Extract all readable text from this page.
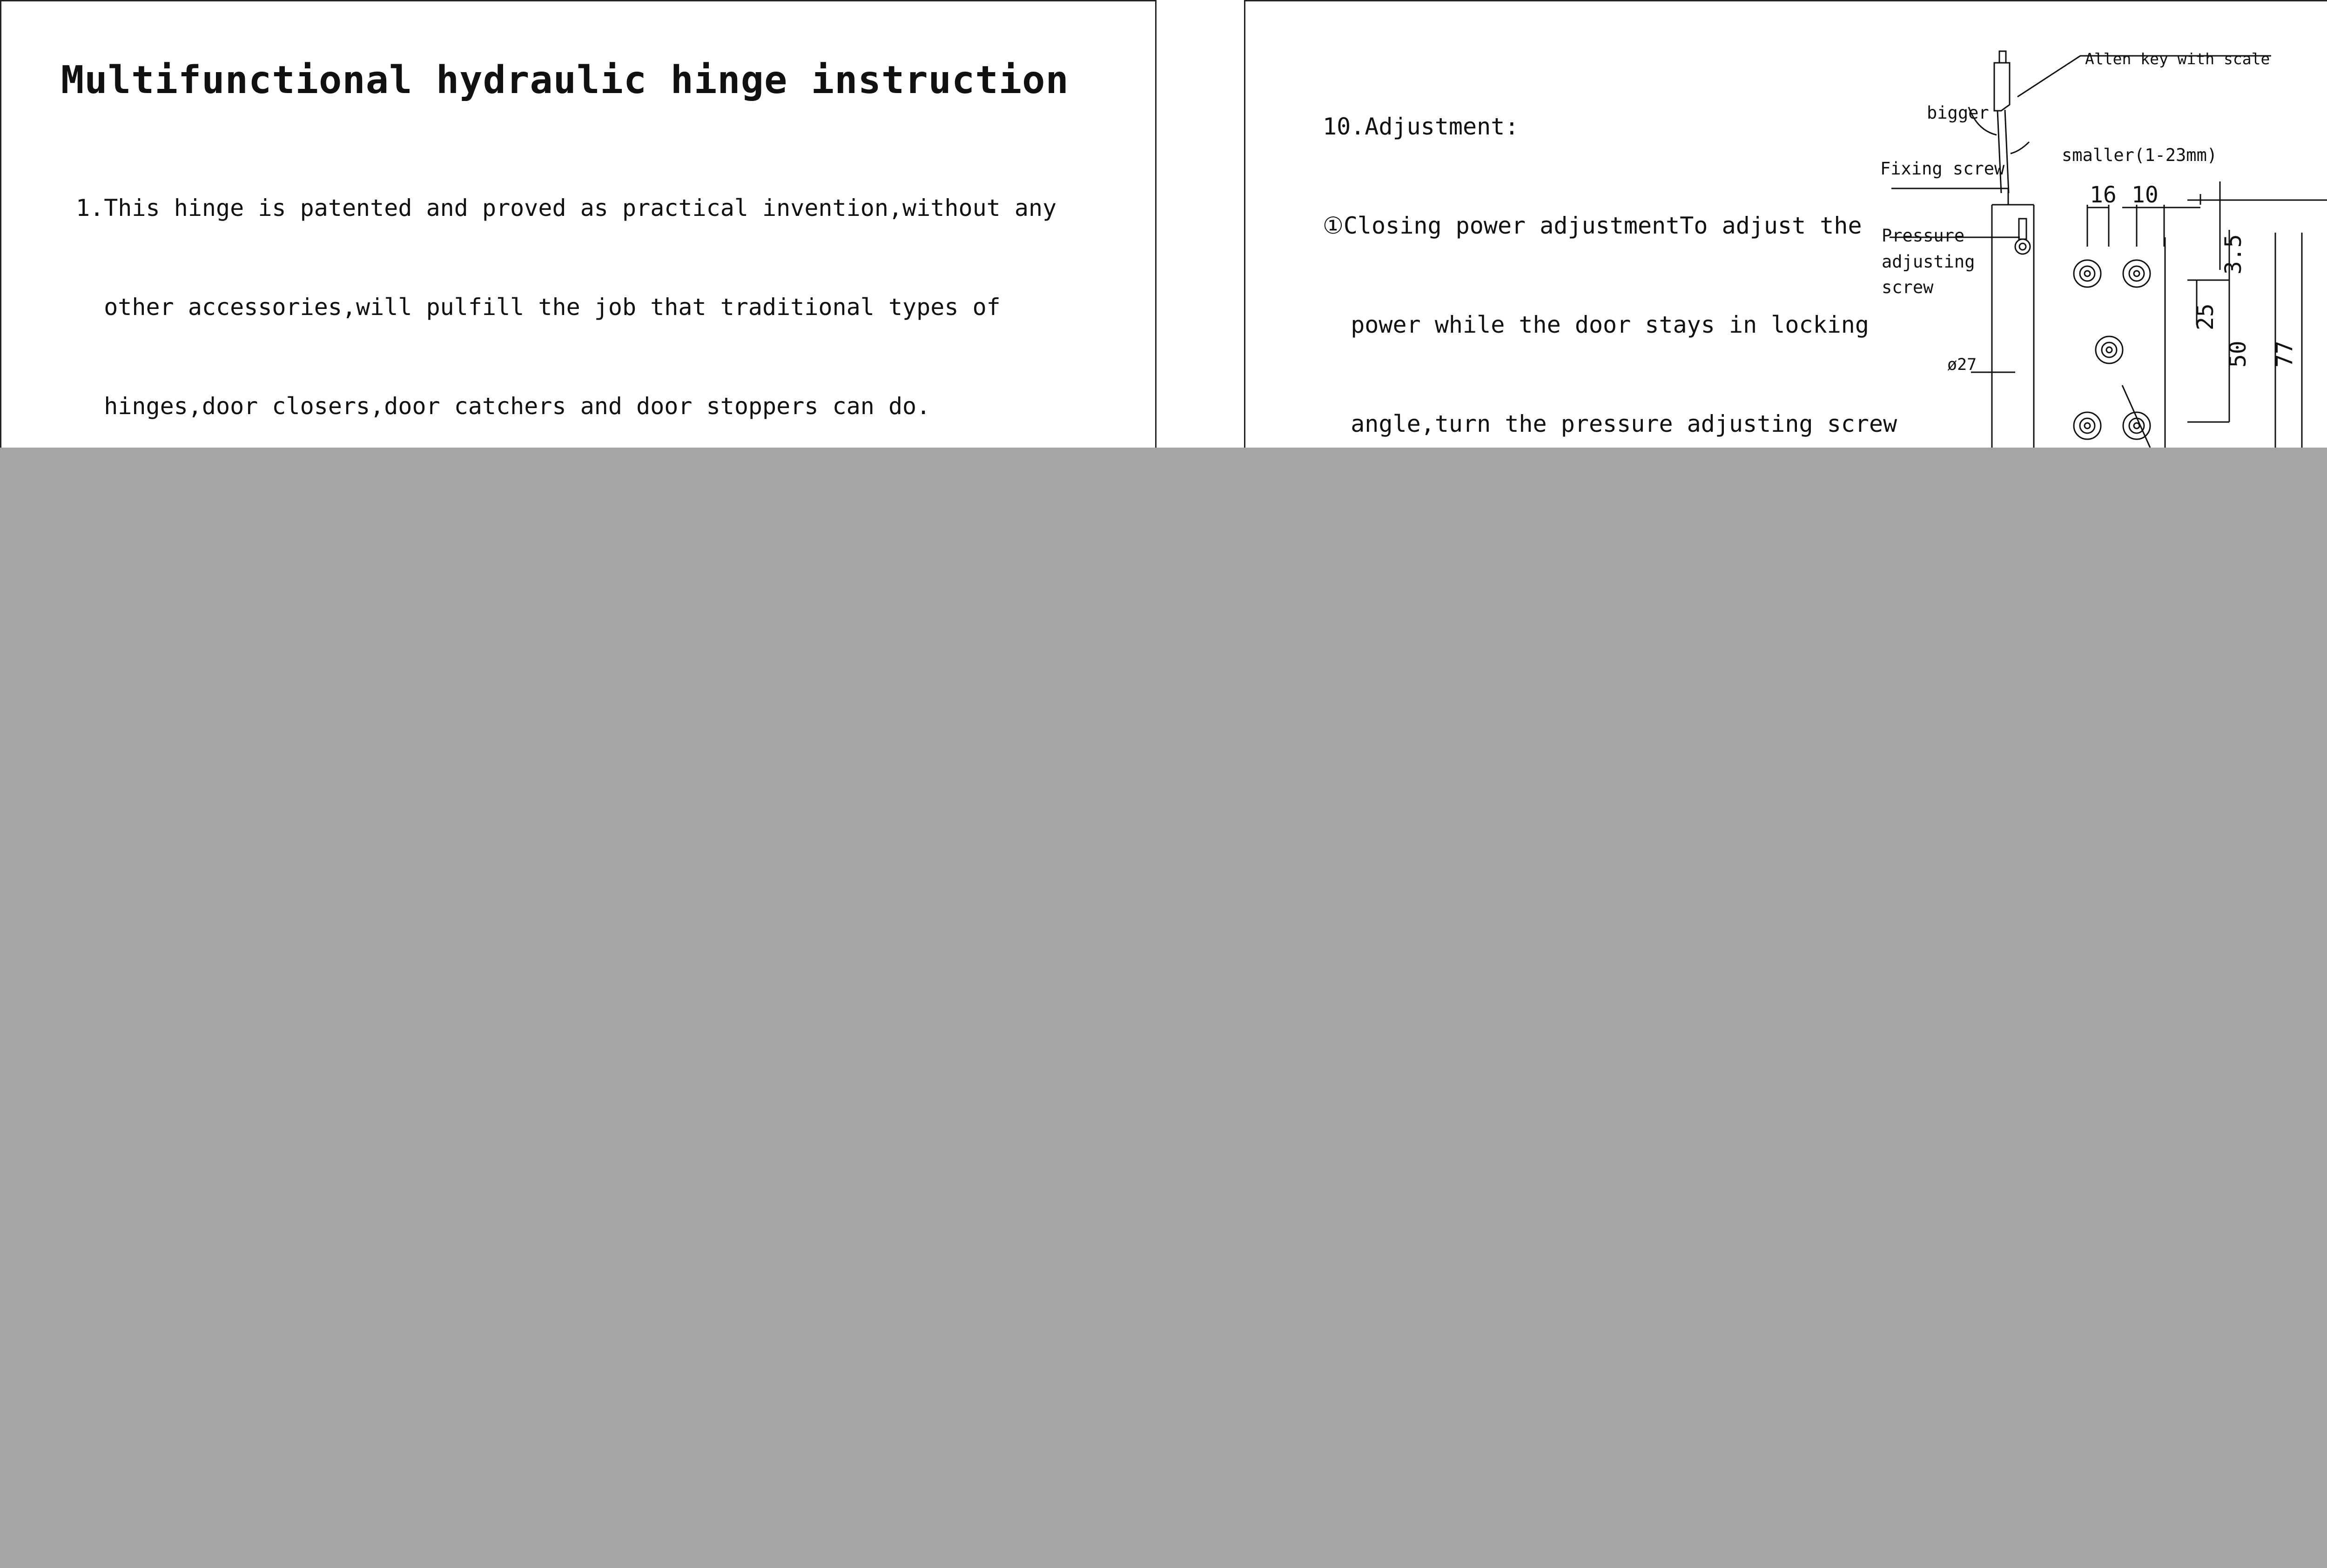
Multifunctional hydraulic hinge instruction

1.This hinge is patented and proved as practical invention,without any

other accessories,will pulfill the job that traditional types of

hinges,door closers,door catchers and door stoppers can do.

10.Adjustment:

①Closing power adjustmentTo adjust the

power while the door stays in locking

angle,turn the pressure adjusting screw

Allen key with scale
bigger
smaller(1-23mm)
Fixing screw
Pressure
adjusting
screw
ø27
16 10
3.5
25
50 77
